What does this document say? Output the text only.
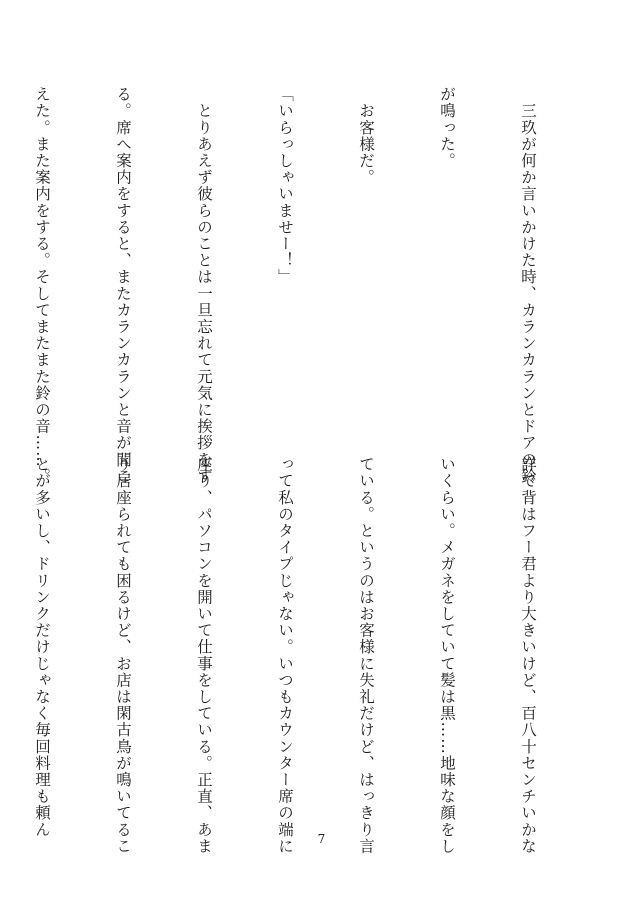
　三玖が何か言いかけた時、カランカランとドアの鈴

が鳴った。

　お客様だ。

「いらっしゃいませー！」

　とりあえず彼らのことは一旦忘れて元気に挨拶をす

る。席へ案内をすると、またカランカランと音が聞こ

えた。また案内をする。そしてまたまた鈴の音……。

詳で背はフー君より大きいけど、百八十センチいかな

いくらい。メガネをしていて髪は黒……地味な顔をし

ている。というのはお客様に失礼だけど、はっきり言

って私のタイプじゃない。いつもカウンター席の端に

座り、パソコンを開いて仕事をしている。正直、あま

り居座られても困るけど、お店は閑古鳥が鳴いてるこ

とが多いし、ドリンクだけじゃなく毎回料理も頼ん

7
